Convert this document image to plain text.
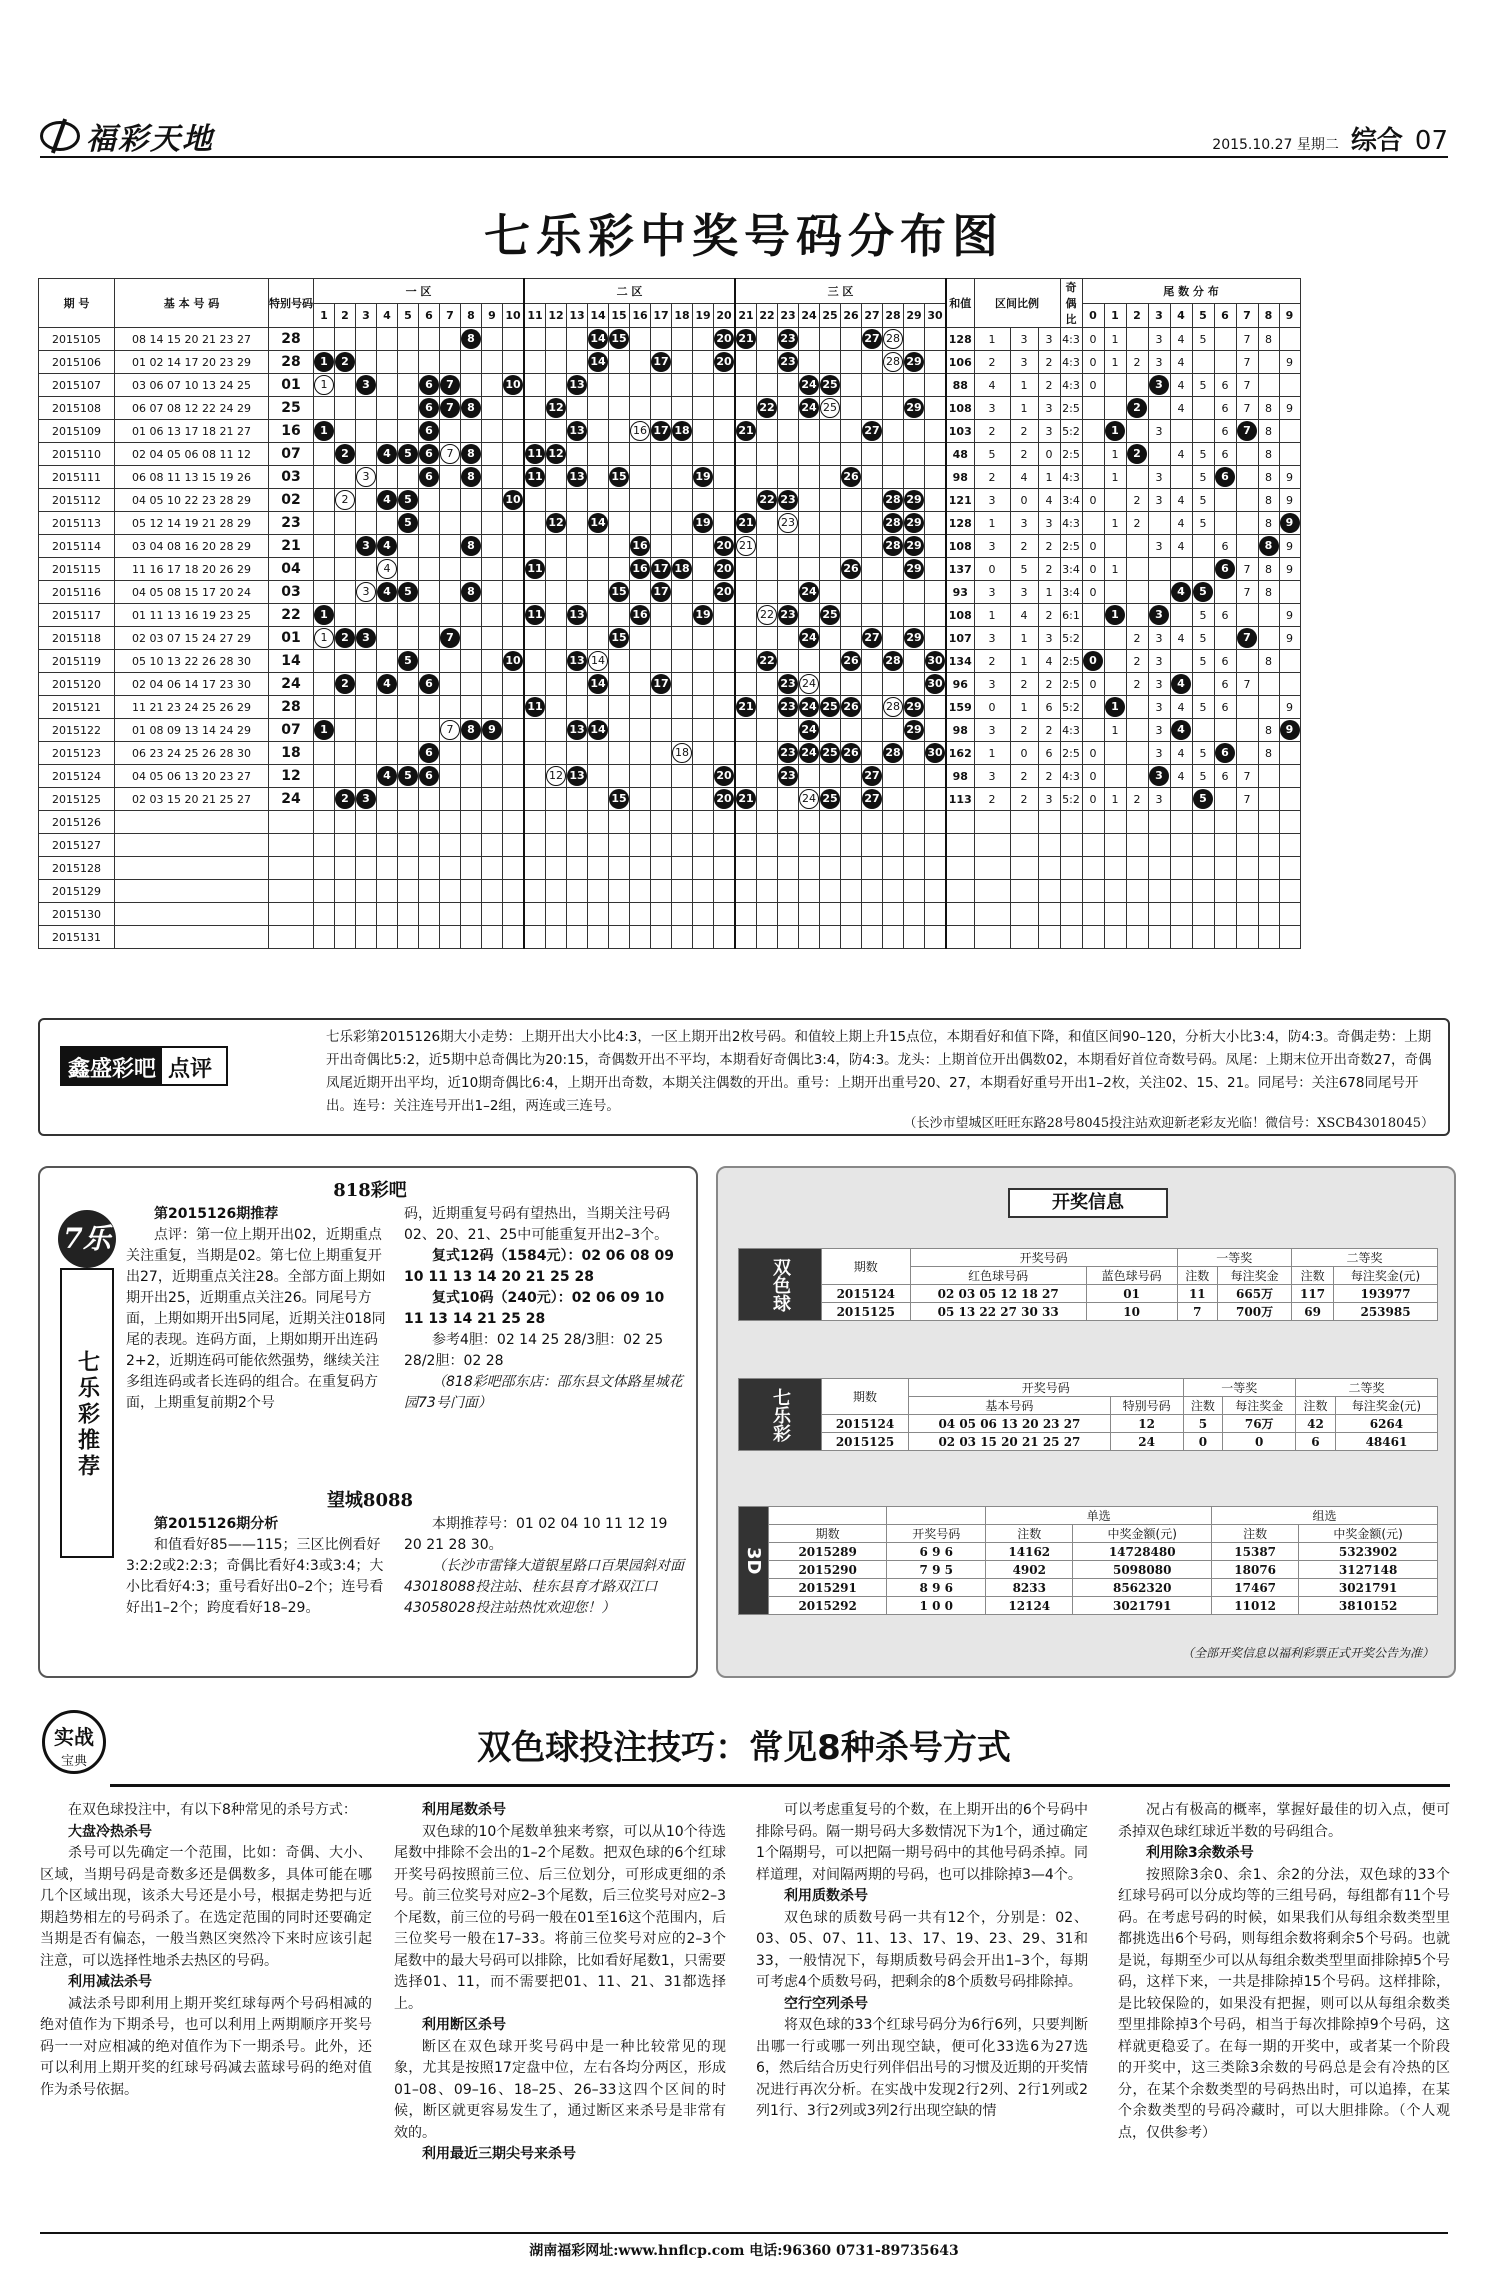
福彩天地	2015.10.27 星期二 综合 07
七乐彩中奖号码分布图
期 号	基 本 号 码	特别号码	一 区										二 区										三 区										和值	区间比例			奇偶比	尾 数 分 布									
			1	2	3	4	5	6	7	8	9	10	11	12	13	14	15	16	17	18	19	20	21	22	23	24	25	26	27	28	29	30						0	1	2	3	4	5	6	7	8	9
2015105	08 14 15 20 21 23 27	28								8						14	15					20	21		23				27	28			128	1	3	3	4:3	0	1		3	4	5		7	8	
2015106	01 02 14 17 20 23 29	28	1	2												14			17			20			23					28	29		106	2	3	2	4:3	0	1	2	3	4			7		9
2015107	03 06 07 10 13 24 25	01	1		3			6	7			10			13											24	25						88	4	1	2	4:3	0			3	4	5	6	7		
2015108	06 07 08 12 22 24 29	25						6	7	8				12										22		24	25				29		108	3	1	3	2:5			2		4		6	7	8	9
2015109	01 06 13 17 18 21 27	16	1					6							13			16	17	18			21						27				103	2	2	3	5:2		1		3			6	7	8	
2015110	02 04 05 06 08 11 12	07		2		4	5	6	7	8			11	12																			48	5	2	0	2:5		1	2		4	5	6		8	
2015111	06 08 11 13 15 19 26	03			3			6		8			11		13		15				19							26					98	2	4	1	4:3		1		3		5	6		8	9
2015112	04 05 10 22 23 28 29	02		2		4	5					10												22	23					28	29		121	3	0	4	3:4	0		2	3	4	5			8	9
2015113	05 12 14 19 21 28 29	23					5							12		14					19		21		23					28	29		128	1	3	3	4:3		1	2		4	5			8	9
2015114	03 04 08 16 20 28 29	21			3	4				8								16				20	21							28	29		108	3	2	2	2:5	0			3	4		6		8	9
2015115	11 16 17 18 20 26 29	04				4							11					16	17	18		20						26			29		137	0	5	2	3:4	0	1					6	7	8	9
2015116	04 05 08 15 17 20 24	03			3	4	5			8							15		17			20				24							93	3	3	1	3:4	0				4	5		7	8	
2015117	01 11 13 16 19 23 25	22	1										11		13			16			19			22	23		25						108	1	4	2	6:1		1		3		5	6			9
2015118	02 03 07 15 24 27 29	01	1	2	3				7								15									24			27		29		107	3	1	3	5:2			2	3	4	5		7		9
2015119	05 10 13 22 26 28 30	14					5					10			13	14								22				26		28		30	134	2	1	4	2:5	0		2	3		5	6		8	
2015120	02 04 06 14 17 23 30	24		2		4		6								14			17						23	24						30	96	3	2	2	2:5	0		2	3	4		6	7		
2015121	11 21 23 24 25 26 29	28											11										21		23	24	25	26		28	29		159	0	1	6	5:2		1		3	4	5	6			9
2015122	01 08 09 13 14 24 29	07	1						7	8	9				13	14										24					29		98	3	2	2	4:3		1		3	4				8	9
2015123	06 23 24 25 26 28 30	18						6												18					23	24	25	26		28		30	162	1	0	6	2:5	0			3	4	5	6		8	
2015124	04 05 06 13 20 23 27	12				4	5	6						12	13							20			23				27				98	3	2	2	4:3	0			3	4	5	6	7		
2015125	02 03 15 20 21 25 27	24		2	3												15					20	21			24	25		27				113	2	2	3	5:2	0	1	2	3		5		7		
2015126																																															
2015127																																															
2015128																																															
2015129																																															
2015130																																															
2015131																																															
鑫盛彩吧 点评
七乐彩第2015126期大小走势：上期开出大小比4:3，一区上期开出2枚号码。和值较上期上升15点位，本期看好和值下降，和值区间90–120，分析大小比3:4，防4:3。奇偶走势：上期开出奇偶比5:2，近5期中总奇偶比为20:15，奇偶数开出不平均，本期看好奇偶比3:4，防4:3。龙头：上期首位开出偶数02，本期看好首位奇数号码。凤尾：上期末位开出奇数27，奇偶凤尾近期开出平均，近10期奇偶比6:4，上期开出奇数，本期关注偶数的开出。重号：上期开出重号20、27，本期看好重号开出1–2枚，关注02、15、21。同尾号：关注678同尾号开出。连号：关注连号开出1–2组，两连或三连号。
（长沙市望城区旺旺东路28号8045投注站欢迎新老彩友光临！微信号：XSCB43018045）
7乐
七乐彩推荐
818彩吧
第2015126期推荐
点评：第一位上期开出02，近期重点关注重复，当期是02。第七位上期重复开出27，近期重点关注28。全部方面上期如期开出25，近期重点关注26。同尾号方面，上期如期开出5同尾，近期关注018同尾的表现。连码方面，上期如期开出连码2+2，近期连码可能依然强势，继续关注多组连码或者长连码的组合。在重复码方面，上期重复前期2个号
码，近期重复号码有望热出，当期关注号码02、20、21、25中可能重复开出2–3个。
复式12码（1584元）：02 06 08 09 10 11 13 14 20 21 25 28
复式10码（240元）：02 06 09 10 11 13 14 21 25 28
参考4胆：02 14 25 28/3胆：02 25 28/2胆：02 28
（818彩吧邵东店：邵东县文体路星城花园73号门面）
望城8088
第2015126期分析
和值看好85——115；三区比例看好3:2:2或2:2:3；奇偶比看好4:3或3:4；大小比看好4:3；重号看好出0–2个；连号看好出1–2个；跨度看好18–29。
本期推荐号：01 02 04 10 11 12 19 20 21 28 30。
（长沙市雷锋大道银星路口百果园斜对面43018088投注站、桂东县育才路双江口43058028投注站热忱欢迎您！）
开奖信息
双色球	期数	开奖号码		一等奖		二等奖	
		红色球号码	蓝色球号码	注数	每注奖金	注数	每注奖金(元)
	2015124	02 03 05 12 18 27	01	11	665万	117	193977
	2015125	05 13 22 27 30 33	10	7	700万	69	253985
七乐彩	期数	开奖号码		一等奖		二等奖	
		基本号码	特别号码	注数	每注奖金	注数	每注奖金(元)
	2015124	04 05 06 13 20 23 27	12	5	76万	42	6264
	2015125	02 03 15 20 21 25 27	24	0	0	6	48461
3D			单选		组选	
	期数	开奖号码	注数	中奖金额(元)	注数	中奖金额(元)
	2015289	6 9 6	14162	14728480	15387	5323902
	2015290	7 9 5	4902	5098080	18076	3127148
	2015291	8 9 6	8233	8562320	17467	3021791
	2015292	1 0 0	12124	3021791	11012	3810152
（全部开奖信息以福利彩票正式开奖公告为准）
实战
宝典	双色球投注技巧：常见8种杀号方式

在双色球投注中，有以下8种常见的杀号方式：

大盘冷热杀号

杀号可以先确定一个范围，比如：奇偶、大小、区域，当期号码是奇数多还是偶数多，具体可能在哪几个区域出现，该杀大号还是小号，根据走势把与近期趋势相左的号码杀了。在选定范围的同时还要确定当期是否有偏态，一般当熟区突然冷下来时应该引起注意，可以选择性地杀去热区的号码。

利用减法杀号

减法杀号即利用上期开奖红球每两个号码相减的绝对值作为下期杀号，也可以利用上两期顺序开奖号码一一对应相减的绝对值作为下一期杀号。此外，还可以利用上期开奖的红球号码减去蓝球号码的绝对值作为杀号依据。

利用尾数杀号

双色球的10个尾数单独来考察，可以从10个待选尾数中排除不会出的1–2个尾数。把双色球的6个红球开奖号码按照前三位、后三位划分，可形成更细的杀号。前三位奖号对应2–3个尾数，后三位奖号对应2–3个尾数，前三位的号码一般在01至16这个范围内，后三位奖号一般在17–33。将前三位奖号对应的2–3个尾数中的最大号码可以排除，比如看好尾数1，只需要选择01、11，而不需要把01、11、21、31都选择上。

利用断区杀号

断区在双色球开奖号码中是一种比较常见的现象，尤其是按照17定盘中位，左右各均分两区，形成01–08、09–16、18–25、26–33这四个区间的时候，断区就更容易发生了，通过断区来杀号是非常有效的。

利用最近三期尖号来杀号

可以考虑重复号的个数，在上期开出的6个号码中排除号码。隔一期号码大多数情况下为1个，通过确定1个隔期号，可以把隔一期号码中的其他号码杀掉。同样道理，对间隔两期的号码，也可以排除掉3—4个。

利用质数杀号

双色球的质数号码一共有12个，分别是：02、03、05、07、11、13、17、19、23、29、31和33，一般情况下，每期质数号码会开出1–3个，每期可考虑4个质数号码，把剩余的8个质数号码排除掉。

空行空列杀号

将双色球的33个红球号码分为6行6列，只要判断出哪一行或哪一列出现空缺，便可化33选6为27选6，然后结合历史行列伴侣出号的习惯及近期的开奖情况进行再次分析。在实战中发现2行2列、2行1列或2列1行、3行2列或3列2行出现空缺的情

况占有极高的概率，掌握好最佳的切入点，便可杀掉双色球红球近半数的号码组合。

利用除3余数杀号

按照除3余0、余1、余2的分法，双色球的33个红球号码可以分成均等的三组号码，每组都有11个号码。在考虑号码的时候，如果我们从每组余数类型里都挑选出6个号码，则每组余数将剩余5个号码。也就是说，每期至少可以从每组余数类型里面排除掉5个号码，这样下来，一共是排除掉15个号码。这样排除，是比较保险的，如果没有把握，则可以从每组余数类型里排除掉3个号码，相当于每次排除掉9个号码，这样就更稳妥了。在每一期的开奖中，或者某一个阶段的开奖中，这三类除3余数的号码总是会有冷热的区分，在某个余数类型的号码热出时，可以追捧，在某个余数类型的号码冷藏时，可以大胆排除。（个人观点，仅供参考）

湖南福彩网址:www.hnflcp.com 电话:96360 0731-89735643
